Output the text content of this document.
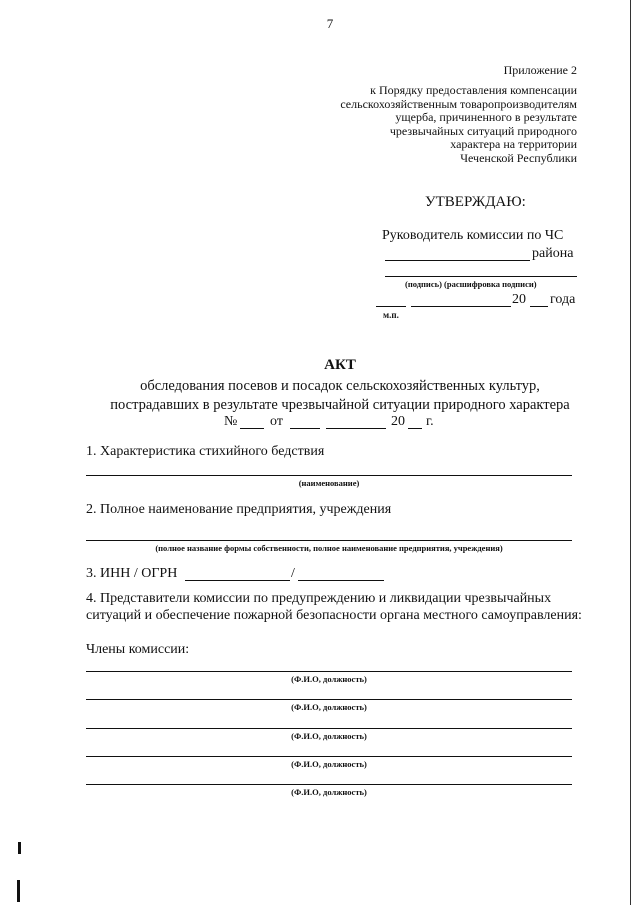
7
Приложение 2
к Порядку предоставления компенсации
сельскохозяйственным товаропроизводителям
ущерба, причиненного в результате
чрезвычайных ситуаций природного
характера на территории
Чеченской Республики
УТВЕРЖДАЮ:
Руководитель комиссии по ЧС
района
(подпись) (расшифровка подписи)
20 года
м.п.
АКТ
обследования посевов и посадок сельскохозяйственных культур,
пострадавших в результате чрезвычайной ситуации природного характера
№ от	20 г.
1. Характеристика стихийного бедствия
(наименование)
2. Полное наименование предприятия, учреждения
(полное название формы собственности, полное наименование предприятия, учреждения)
3. ИНН / ОГРН	/
4. Представители комиссии по предупреждению и ликвидации чрезвычайных
ситуаций и обеспечение пожарной безопасности органа местного самоуправления:
Члены комиссии:
(Ф.И.О, должность)
(Ф.И.О, должность)
(Ф.И.О, должность)
(Ф.И.О, должность)
(Ф.И.О, должность)
